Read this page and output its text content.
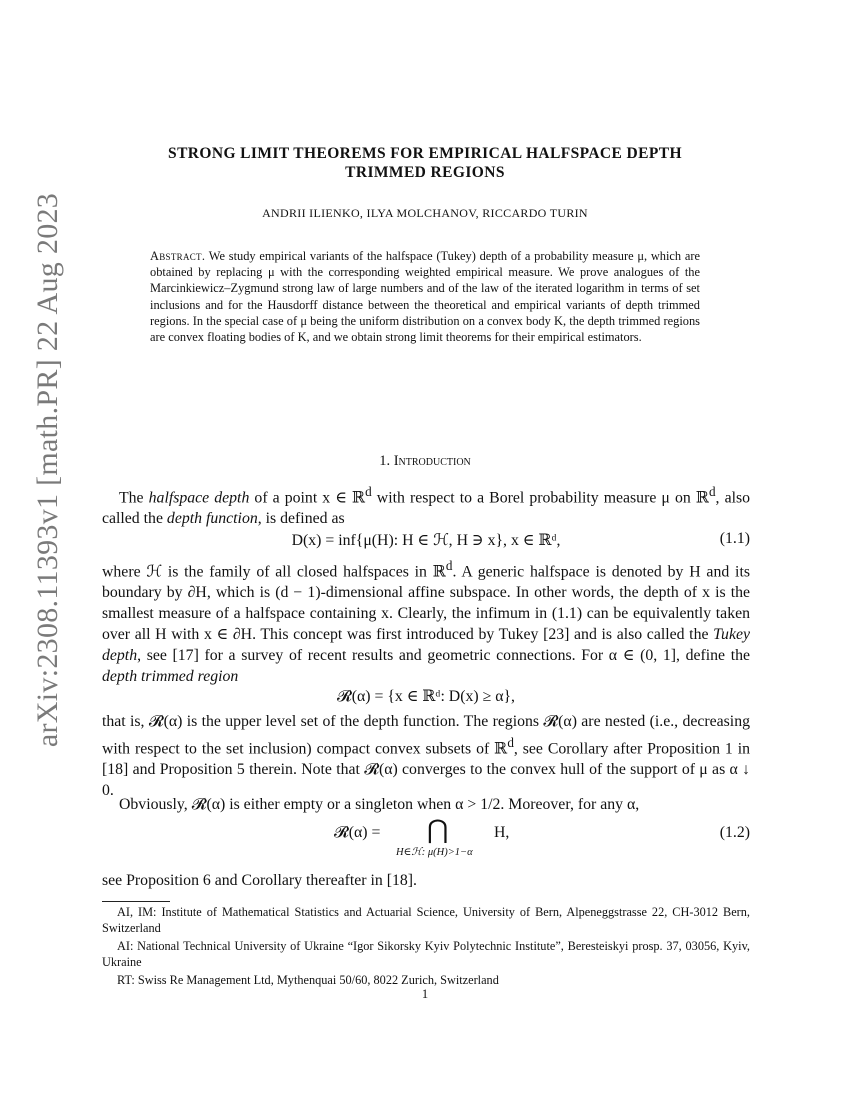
arXiv:2308.11393v1 [math.PR] 22 Aug 2023
STRONG LIMIT THEOREMS FOR EMPIRICAL HALFSPACE DEPTH
TRIMMED REGIONS
ANDRII ILIENKO, ILYA MOLCHANOV, RICCARDO TURIN
Abstract. We study empirical variants of the halfspace (Tukey) depth of a probability measure μ, which are obtained by replacing μ with the corresponding weighted empirical measure. We prove analogues of the Marcinkiewicz–Zygmund strong law of large numbers and of the law of the iterated logarithm in terms of set inclusions and for the Hausdorff distance between the theoretical and empirical variants of depth trimmed regions. In the special case of μ being the uniform distribution on a convex body K, the depth trimmed regions are convex floating bodies of K, and we obtain strong limit theorems for their empirical estimators.
1. Introduction

The halfspace depth of a point x ∈ ℝ$^d$ with respect to a Borel probability measure μ on ℝ$^d$, also called the depth function, is defined as

D(x) = inf{μ(H): H ∈ ℋ, H ∋ x}, x ∈ ℝᵈ,	(1.1)

where ℋ is the family of all closed halfspaces in ℝ$^d$. A generic halfspace is denoted by H and its boundary by ∂H, which is (d − 1)-dimensional affine subspace. In other words, the depth of x is the smallest measure of a halfspace containing x. Clearly, the infimum in (1.1) can be equivalently taken over all H with x ∈ ∂H. This concept was first introduced by Tukey [23] and is also called the Tukey depth, see [17] for a survey of recent results and geometric connections. For α ∈ (0, 1], define the depth trimmed region

𝓡(α) = {x ∈ ℝᵈ: D(x) ≥ α},

that is, 𝓡(α) is the upper level set of the depth function. The regions 𝓡(α) are nested (i.e., decreasing with respect to the set inclusion) compact convex subsets of ℝ$^d$, see Corollary after Proposition 1 in [18] and Proposition 5 therein. Note that 𝓡(α) converges to the convex hull of the support of μ as α ↓ 0.

Obviously, 𝓡(α) is either empty or a singleton when α > 1/2. Moreover, for any α,

𝓡(α) = ⋂
H∈ℋ: μ(H)>1−α
H,	(1.2)

see Proposition 6 and Corollary thereafter in [18].

AI, IM: Institute of Mathematical Statistics and Actuarial Science, University of Bern, Alpeneggstrasse 22, CH-3012 Bern, Switzerland

AI: National Technical University of Ukraine “Igor Sikorsky Kyiv Polytechnic Institute”, Beresteiskyi prosp. 37, 03056, Kyiv, Ukraine

RT: Swiss Re Management Ltd, Mythenquai 50/60, 8022 Zurich, Switzerland

1
